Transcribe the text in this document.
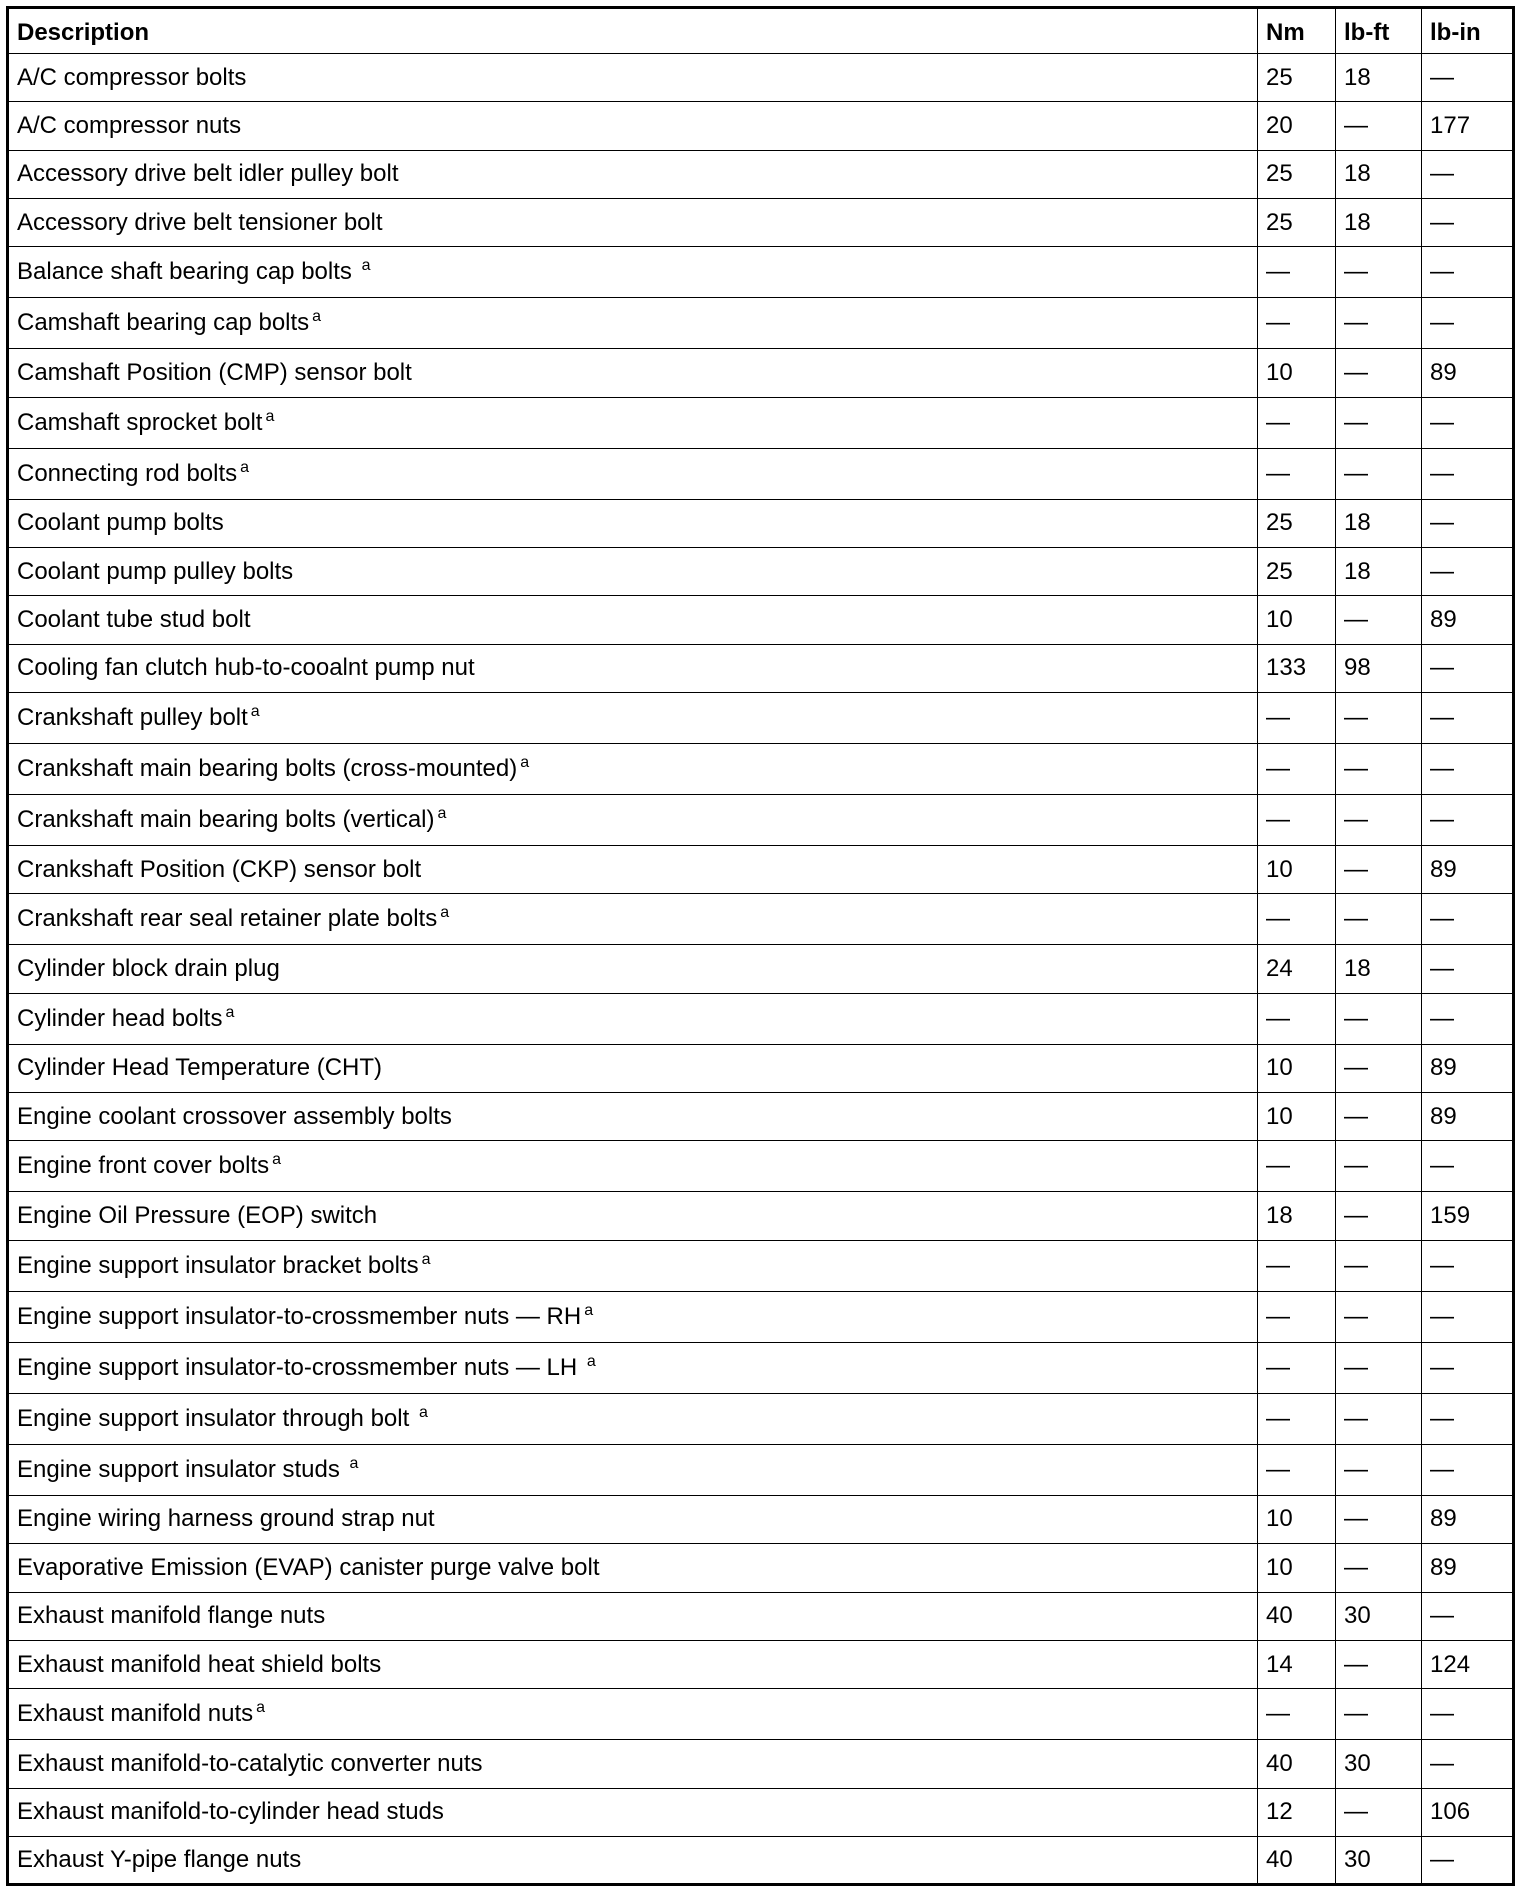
Description	Nm	lb-ft	lb-in
A/C compressor bolts	25	18	—
A/C compressor nuts	20	—	177
Accessory drive belt idler pulley bolt	25	18	—
Accessory drive belt tensioner bolt	25	18	—
Balance shaft bearing cap bolts $^a$	—	—	—
Camshaft bearing cap bolts $^a$	—	—	—
Camshaft Position (CMP) sensor bolt	10	—	89
Camshaft sprocket bolt $^a$	—	—	—
Connecting rod bolts $^a$	—	—	—
Coolant pump bolts	25	18	—
Coolant pump pulley bolts	25	18	—
Coolant tube stud bolt	10	—	89
Cooling fan clutch hub-to-cooalnt pump nut	133	98	—
Crankshaft pulley bolt $^a$	—	—	—
Crankshaft main bearing bolts (cross-mounted) $^a$	—	—	—
Crankshaft main bearing bolts (vertical) $^a$	—	—	—
Crankshaft Position (CKP) sensor bolt	10	—	89
Crankshaft rear seal retainer plate bolts $^a$	—	—	—
Cylinder block drain plug	24	18	—
Cylinder head bolts $^a$	—	—	—
Cylinder Head Temperature (CHT)	10	—	89
Engine coolant crossover assembly bolts	10	—	89
Engine front cover bolts $^a$	—	—	—
Engine Oil Pressure (EOP) switch	18	—	159
Engine support insulator bracket bolts $^a$	—	—	—
Engine support insulator-to-crossmember nuts — RH $^a$	—	—	—
Engine support insulator-to-crossmember nuts — LH $^a$	—	—	—
Engine support insulator through bolt $^a$	—	—	—
Engine support insulator studs $^a$	—	—	—
Engine wiring harness ground strap nut	10	—	89
Evaporative Emission (EVAP) canister purge valve bolt	10	—	89
Exhaust manifold flange nuts	40	30	—
Exhaust manifold heat shield bolts	14	—	124
Exhaust manifold nuts $^a$	—	—	—
Exhaust manifold-to-catalytic converter nuts	40	30	—
Exhaust manifold-to-cylinder head studs	12	—	106
Exhaust Y-pipe flange nuts	40	30	—
